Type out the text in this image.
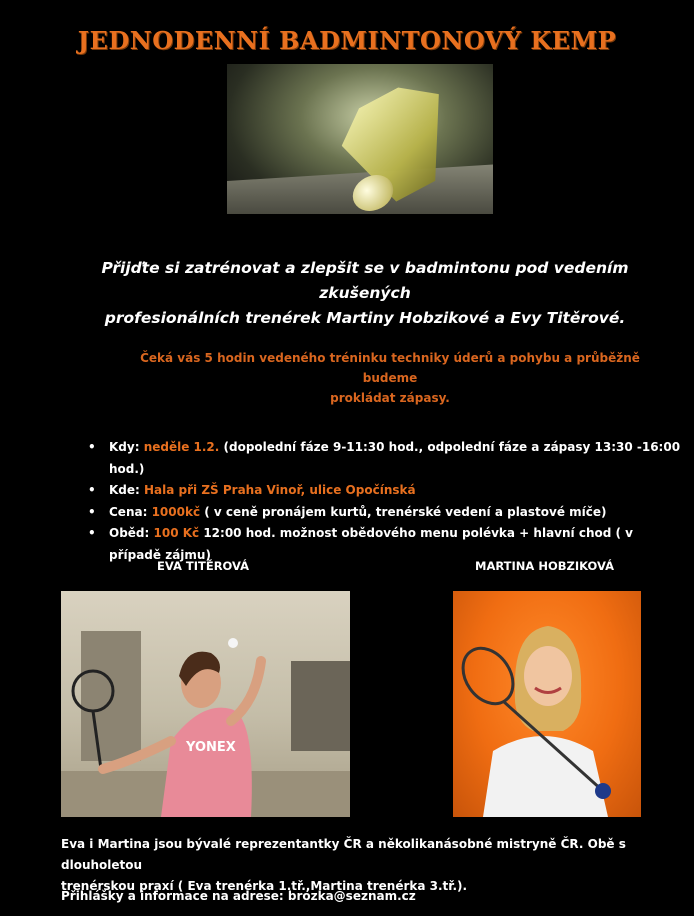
JEDNODENNÍ BADMINTONOVÝ KEMP
Přijďte si zatrénovat a zlepšit se v badmintonu pod vedením zkušených
profesionálních trenérek Martiny Hobzikové a Evy Titěrové.
Čeká vás 5 hodin vedeného tréninku techniky úderů a pohybu a průběžně budeme
prokládat zápasy.
• Kdy: neděle 1.2. (dopolední fáze 9-11:30 hod., odpolední fáze a zápasy 13:30 -16:00 hod.)
• Kde: Hala při ZŠ Praha Vinoř, ulice Opočínská
• Cena: 1000kč ( v ceně pronájem kurtů, trenérské vedení a plastové míče)
• Oběd: 100 Kč 12:00 hod. možnost obědového menu polévka + hlavní chod ( v případě zájmu)
EVA TITĚROVÁ	MARTINA HOBZIKOVÁ
YONEX
Eva i Martina jsou bývalé reprezentantky ČR a několikanásobné mistryně ČR. Obě s dlouholetou
trenérskou praxí ( Eva trenérka 1.tř.,Martina trenérka 3.tř.).
Přihlášky a informace na adrese: brozka@seznam.cz
